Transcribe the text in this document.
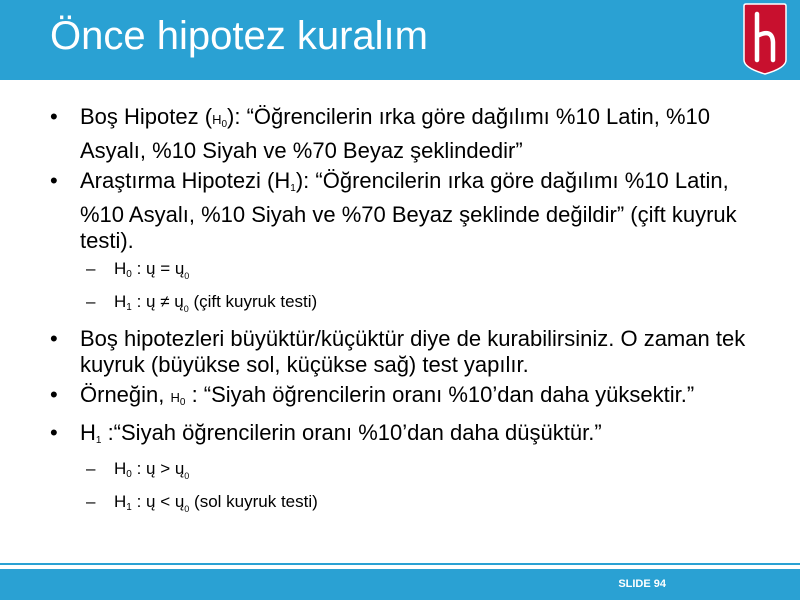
Önce hipotez kuralım
• Boş Hipotez $(H_0)$: “Öğrencilerin ırka göre dağılımı %10 Latin, %10 Asyalı, %10 Siyah ve %70 Beyaz şeklindedir”
• Araştırma Hipotezi $(H_1)$: “Öğrencilerin ırka göre dağılımı %10 Latin, %10 Asyalı, %10 Siyah ve %70 Beyaz şeklinde değildir” (çift kuyruk testi).
– $H_0$ : ų = $ų_0$
– $H_1$ : ų ≠ $ų_0$ (çift kuyruk testi)
• Boş hipotezleri büyüktür/küçüktür diye de kurabilirsiniz. O zaman tek kuyruk (büyükse sol, küçükse sağ) test yapılır.
• Örneğin, $H_0$ : “Siyah öğrencilerin oranı %10’dan daha yüksektir.”
• $H_1$ :“Siyah öğrencilerin oranı %10’dan daha düşüktür.”
– $H_0$ : ų > $ų_0$
– $H_1$ : ų < $ų_0$ (sol kuyruk testi)
SLIDE 94
